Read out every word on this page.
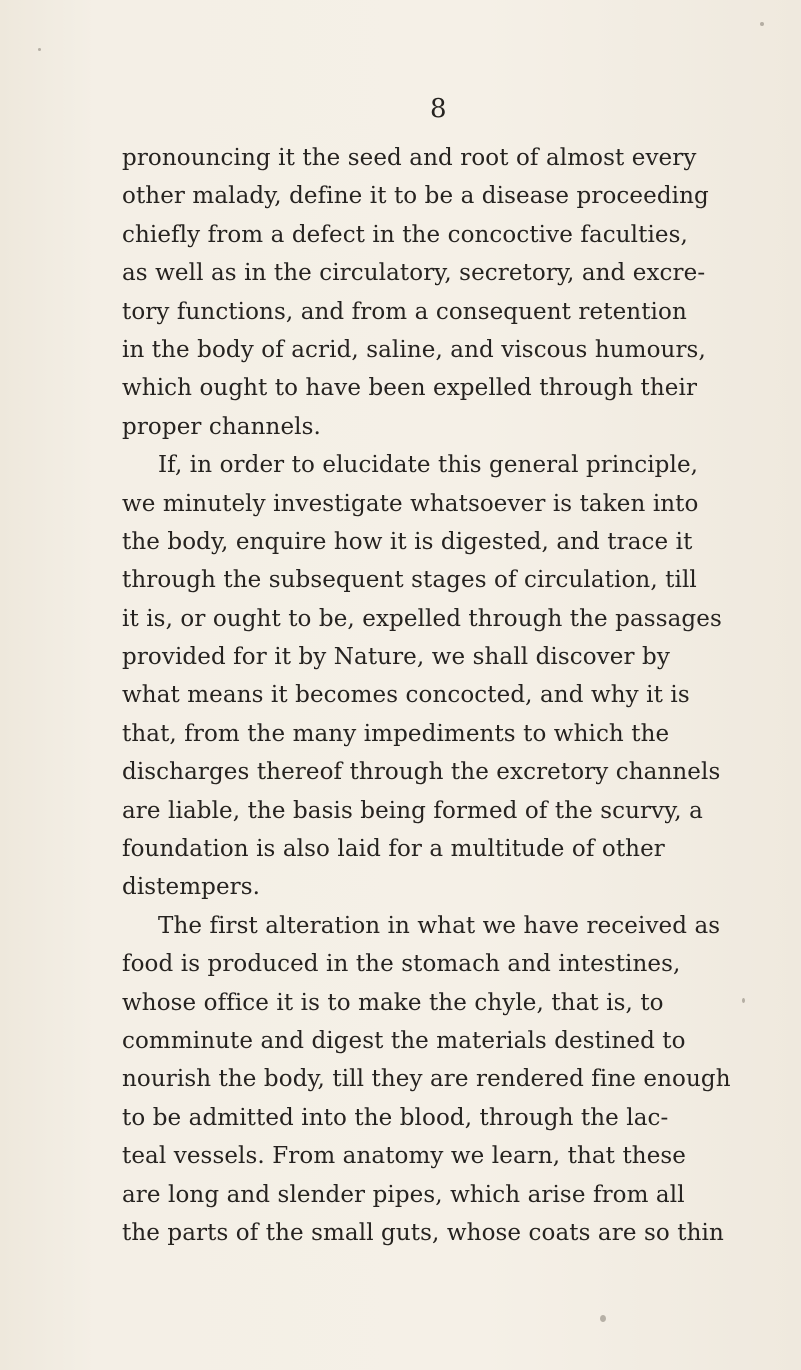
8
pronouncing it the seed and root of almost every
other malady, define it to be a disease proceeding
chiefly from a defect in the concoctive faculties,
as well as in the circulatory, secretory, and excre-
tory functions, and from a consequent retention
in the body of acrid, saline, and viscous humours,
which ought to have been expelled through their
proper channels.
If, in order to elucidate this general principle,
we minutely investigate whatsoever is taken into
the body, enquire how it is digested, and trace it
through the subsequent stages of circulation, till
it is, or ought to be, expelled through the passages
provided for it by Nature, we shall discover by
what means it becomes concocted, and why it is
that, from the many impediments to which the
discharges thereof through the excretory channels
are liable, the basis being formed of the scurvy, a
foundation is also laid for a multitude of other
distempers.
The first alteration in what we have received as
food is produced in the stomach and intestines,
whose office it is to make the chyle, that is, to
comminute and digest the materials destined to
nourish the body, till they are rendered fine enough
to be admitted into the blood, through the lac-
teal vessels. From anatomy we learn, that these
are long and slender pipes, which arise from all
the parts of the small guts, whose coats are so thin
